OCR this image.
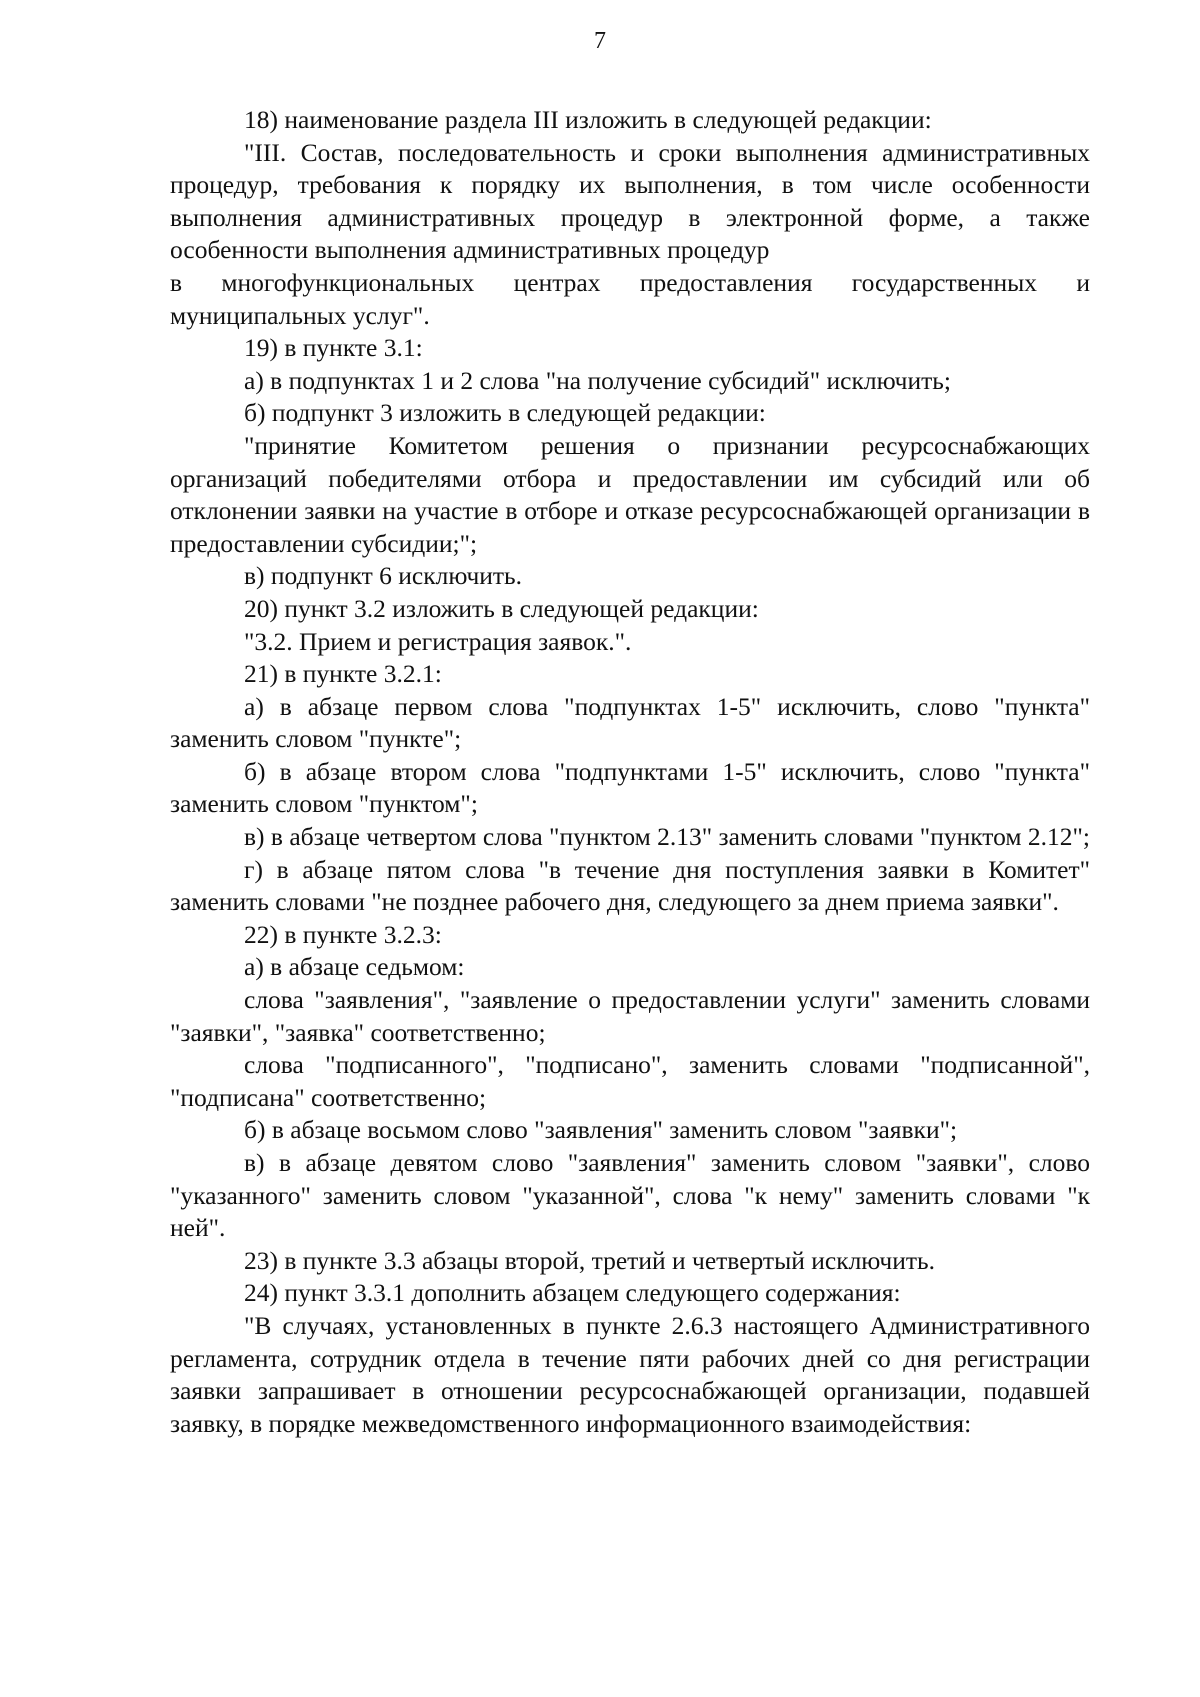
7

18) наименование раздела III изложить в следующей редакции:

"III. Состав, последовательность и сроки выполнения административных процедур, требования к порядку их выполнения, в том числе особенности выполнения административных процедур в электронной форме, а также особенности выполнения административных процедур

в многофункциональных центрах предоставления государственных и муниципальных услуг".

19) в пункте 3.1:

а) в подпунктах 1 и 2 слова "на получение субсидий" исключить;

б) подпункт 3 изложить в следующей редакции:

"принятие Комитетом решения о признании ресурсоснабжающих организаций победителями отбора и предоставлении им субсидий или об отклонении заявки на участие в отборе и отказе ресурсоснабжающей организации в предоставлении субсидии;";

в) подпункт 6 исключить.

20) пункт 3.2 изложить в следующей редакции:

"3.2. Прием и регистрация заявок.".

21) в пункте 3.2.1:

а) в абзаце первом слова "подпунктах 1-5" исключить, слово "пункта" заменить словом "пункте";

б) в абзаце втором слова "подпунктами 1-5" исключить, слово "пункта" заменить словом "пунктом";

в) в абзаце четвертом слова "пунктом 2.13" заменить словами "пунктом 2.12";

г) в абзаце пятом слова "в течение дня поступления заявки в Комитет" заменить словами "не позднее рабочего дня, следующего за днем приема заявки".

22) в пункте 3.2.3:

а) в абзаце седьмом:

слова "заявления", "заявление о предоставлении услуги" заменить словами "заявки", "заявка" соответственно;

слова "подписанного", "подписано", заменить словами "подписанной", "подписана" соответственно;

б) в абзаце восьмом слово "заявления" заменить словом "заявки";

в) в абзаце девятом слово "заявления" заменить словом "заявки", слово "указанного" заменить словом "указанной", слова "к нему" заменить словами "к ней".

23) в пункте 3.3 абзацы второй, третий и четвертый исключить.

24) пункт 3.3.1 дополнить абзацем следующего содержания:

"В случаях, установленных в пункте 2.6.3 настоящего Административного регламента, сотрудник отдела в течение пяти рабочих дней со дня регистрации заявки запрашивает в отношении ресурсоснабжающей организации, подавшей заявку, в порядке межведомственного информационного взаимодействия:
